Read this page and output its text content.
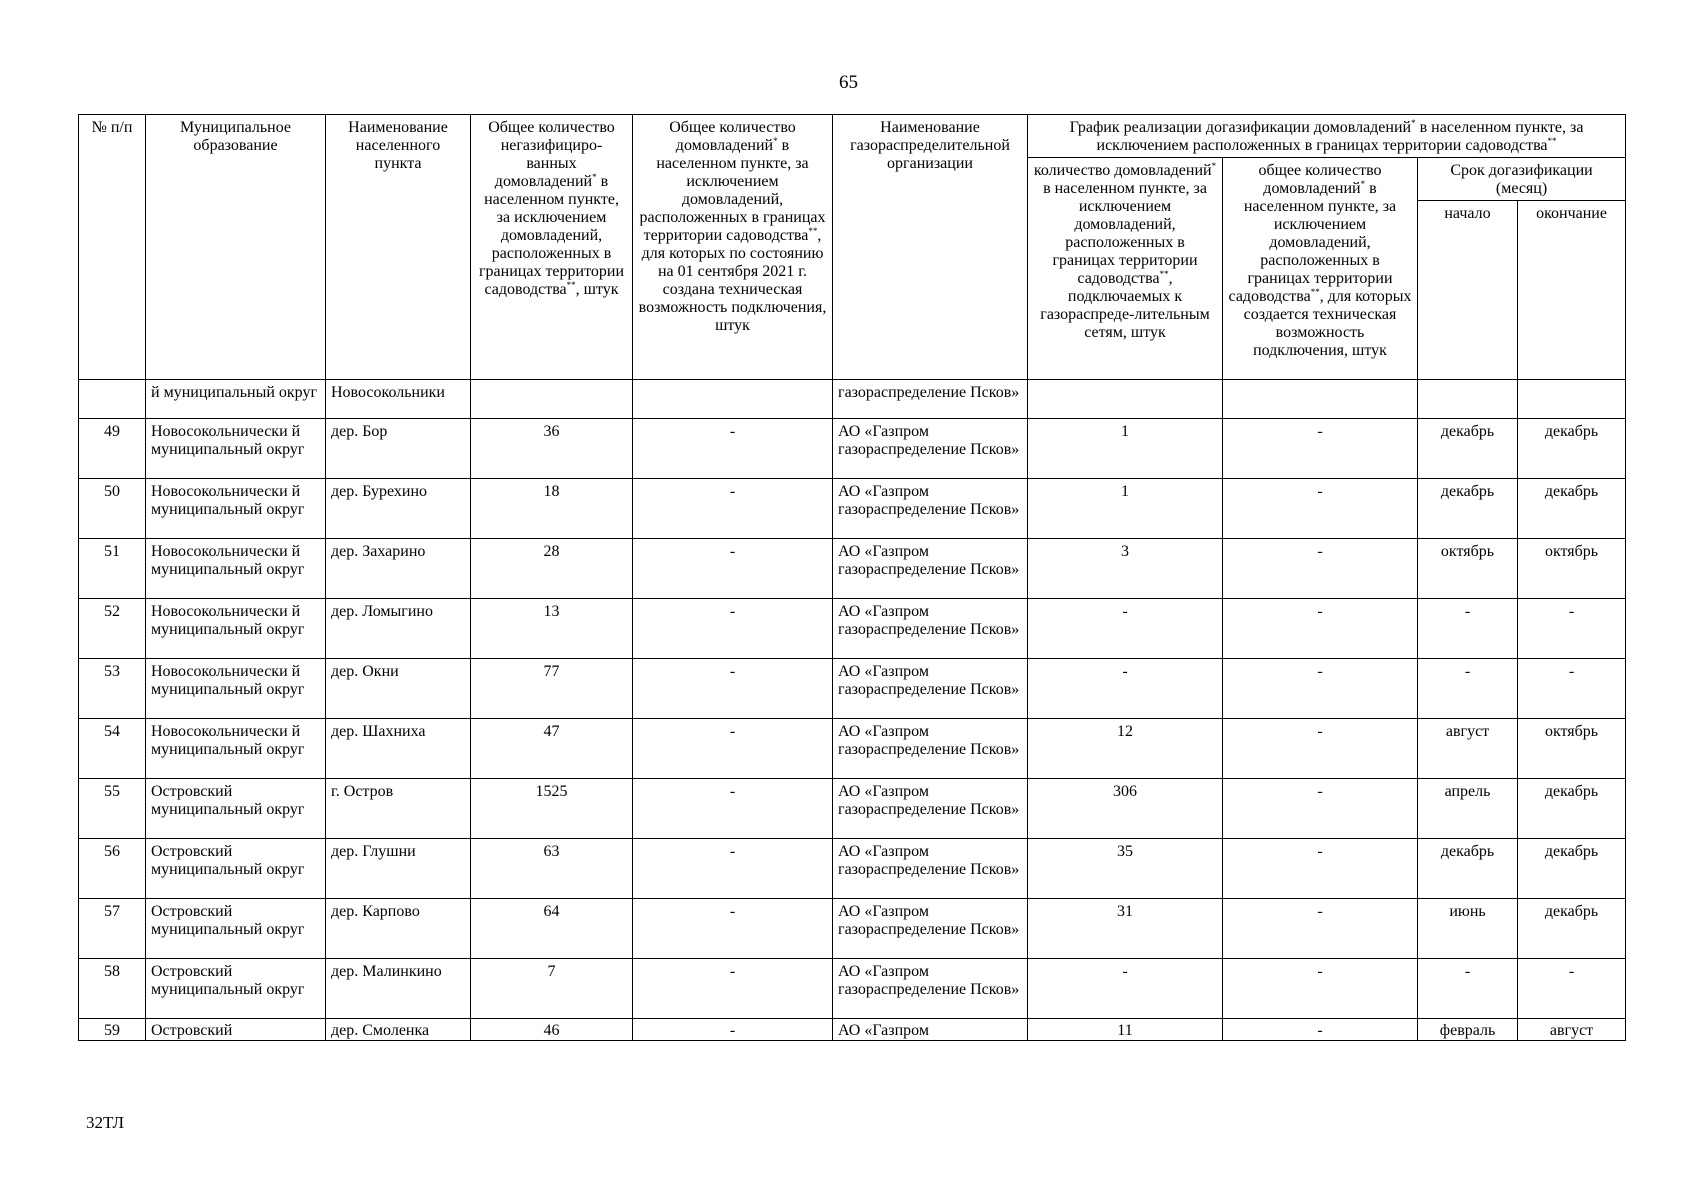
65
№ п/п	Муниципальное образование	Наименование населенного пункта	Общее количество негазифициро-ванных домовладений* в населенном пункте, за исключением домовладений, расположенных в границах территории садоводства**, штук	Общее количество домовладений* в населенном пункте, за исключением домовладений, расположенных в границах территории садоводства**, для которых по состоянию на 01 сентября 2021 г. создана техническая возможность подключения, штук	Наименование газораспределительной организации	График реализации догазификации домовладений* в населенном пункте, за исключением расположенных в границах территории садоводства**
						количество домовладений* в населенном пункте, за исключением домовладений, расположенных в границах территории садоводства**, подключаемых к газораспреде-лительным сетям, штук	общее количество домовладений* в населенном пункте, за исключением домовладений, расположенных в границах территории садоводства**, для которых создается техническая возможность подключения, штук	Срок догазификации (месяц)	
								начало	окончание
	й муниципальный округ	Новосокольники			газораспределение Псков»				
49	Новосокольнически й муниципальный округ	дер. Бор	36	-	АО «Газпром газораспределение Псков»	1	-	декабрь	декабрь
50	Новосокольнически й муниципальный округ	дер. Бурехино	18	-	АО «Газпром газораспределение Псков»	1	-	декабрь	декабрь
51	Новосокольнически й муниципальный округ	дер. Захарино	28	-	АО «Газпром газораспределение Псков»	3	-	октябрь	октябрь
52	Новосокольнически й муниципальный округ	дер. Ломыгино	13	-	АО «Газпром газораспределение Псков»	-	-	-	-
53	Новосокольнически й муниципальный округ	дер. Окни	77	-	АО «Газпром газораспределение Псков»	-	-	-	-
54	Новосокольнически й муниципальный округ	дер. Шахниха	47	-	АО «Газпром газораспределение Псков»	12	-	август	октябрь
55	Островский муниципальный округ	г. Остров	1525	-	АО «Газпром газораспределение Псков»	306	-	апрель	декабрь
56	Островский муниципальный округ	дер. Глушни	63	-	АО «Газпром газораспределение Псков»	35	-	декабрь	декабрь
57	Островский муниципальный округ	дер. Карпово	64	-	АО «Газпром газораспределение Псков»	31	-	июнь	декабрь
58	Островский муниципальный округ	дер. Малинкино	7	-	АО «Газпром газораспределение Псков»	-	-	-	-
59	Островский	дер. Смоленка	46	-	АО «Газпром	11	-	февраль	август
32ТЛ
